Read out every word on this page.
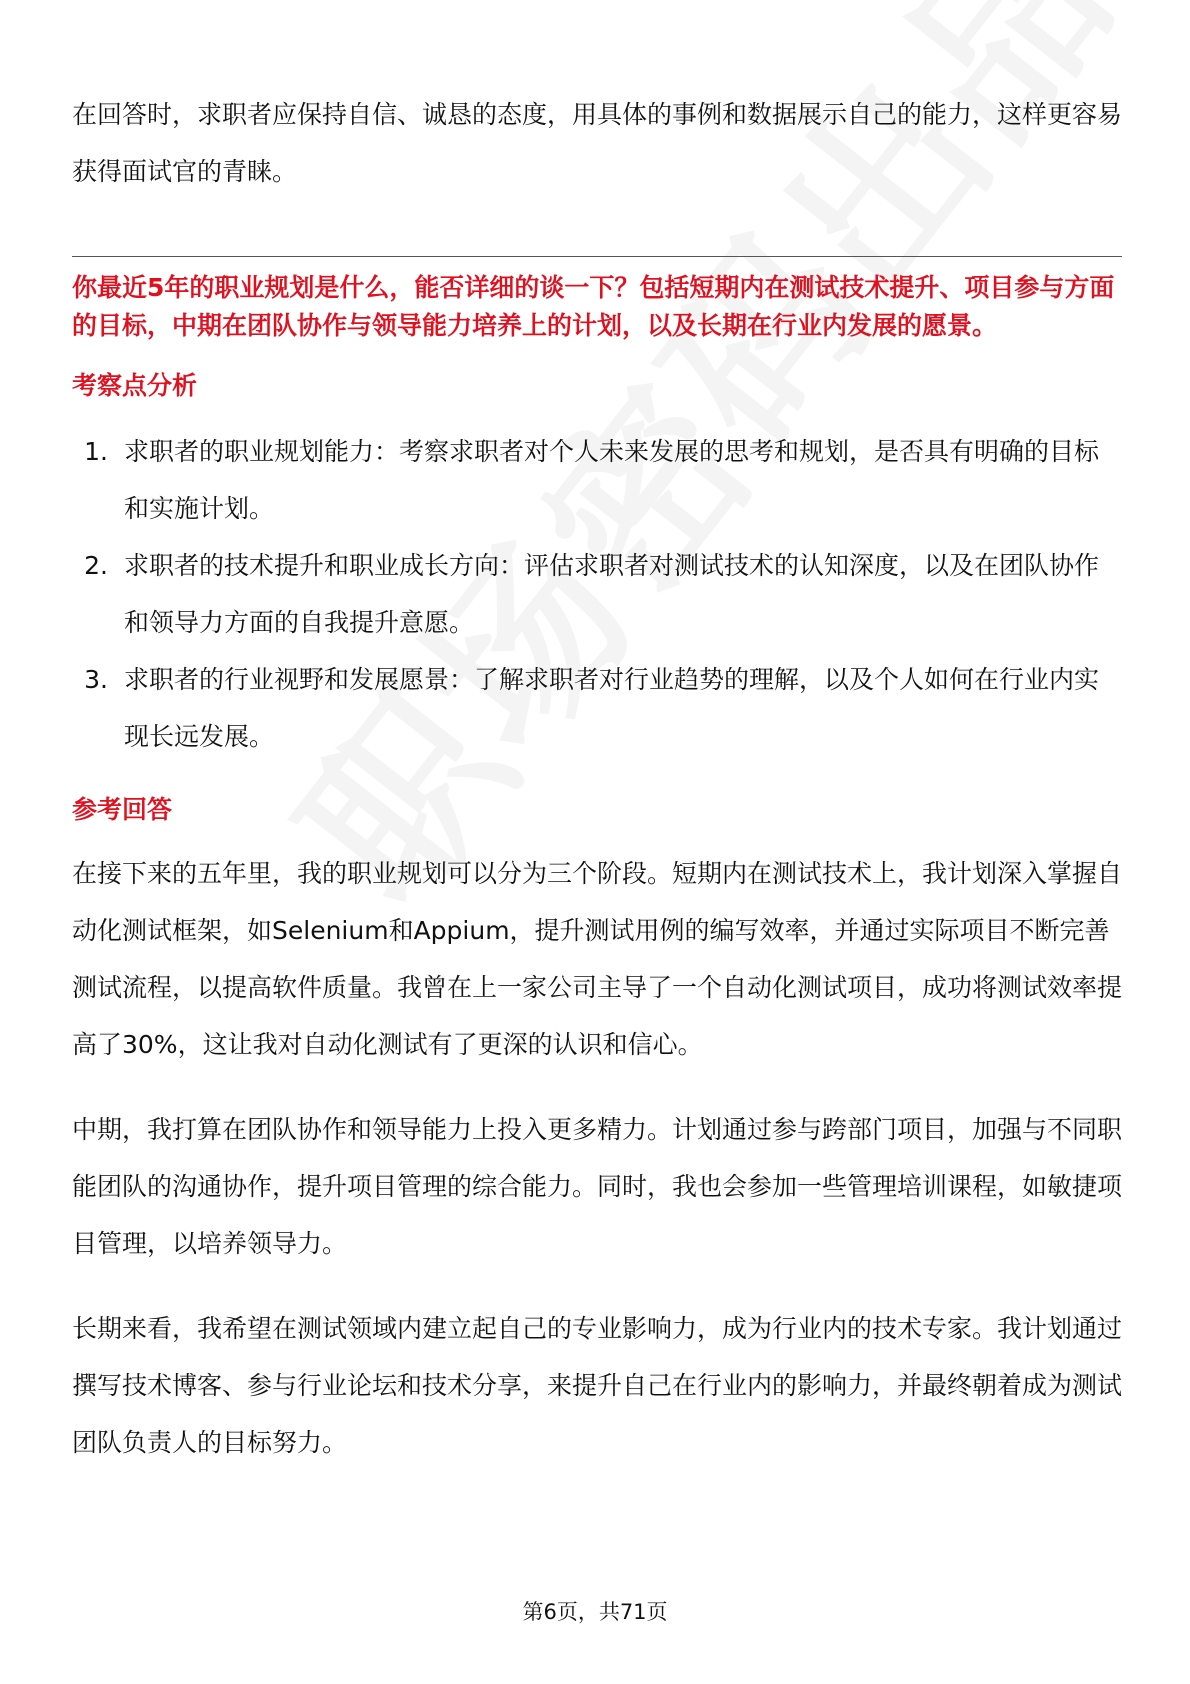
在回答时，求职者应保持自信、诚恳的态度，用具体的事例和数据展示自己的能力，这样更容易获得面试官的青睐。

你最近5年的职业规划是什么，能否详细的谈一下？包括短期内在测试技术提升、项目参与方面的目标，中期在团队协作与领导能力培养上的计划，以及长期在行业内发展的愿景。

考察点分析
1. 求职者的职业规划能力：考察求职者对个人未来发展的思考和规划，是否具有明确的目标和实施计划。
2. 求职者的技术提升和职业成长方向：评估求职者对测试技术的认知深度，以及在团队协作和领导力方面的自我提升意愿。
3. 求职者的行业视野和发展愿景：了解求职者对行业趋势的理解，以及个人如何在行业内实现长远发展。
参考回答

在接下来的五年里，我的职业规划可以分为三个阶段。短期内在测试技术上，我计划深入掌握自动化测试框架，如Selenium和Appium，提升测试用例的编写效率，并通过实际项目不断完善测试流程，以提高软件质量。我曾在上一家公司主导了一个自动化测试项目，成功将测试效率提高了30%，这让我对自动化测试有了更深的认识和信心。

中期，我打算在团队协作和领导能力上投入更多精力。计划通过参与跨部门项目，加强与不同职能团队的沟通协作，提升项目管理的综合能力。同时，我也会参加一些管理培训课程，如敏捷项目管理，以培养领导力。

长期来看，我希望在测试领域内建立起自己的专业影响力，成为行业内的技术专家。我计划通过撰写技术博客、参与行业论坛和技术分享，来提升自己在行业内的影响力，并最终朝着成为测试团队负责人的目标努力。

第6页，共71页
